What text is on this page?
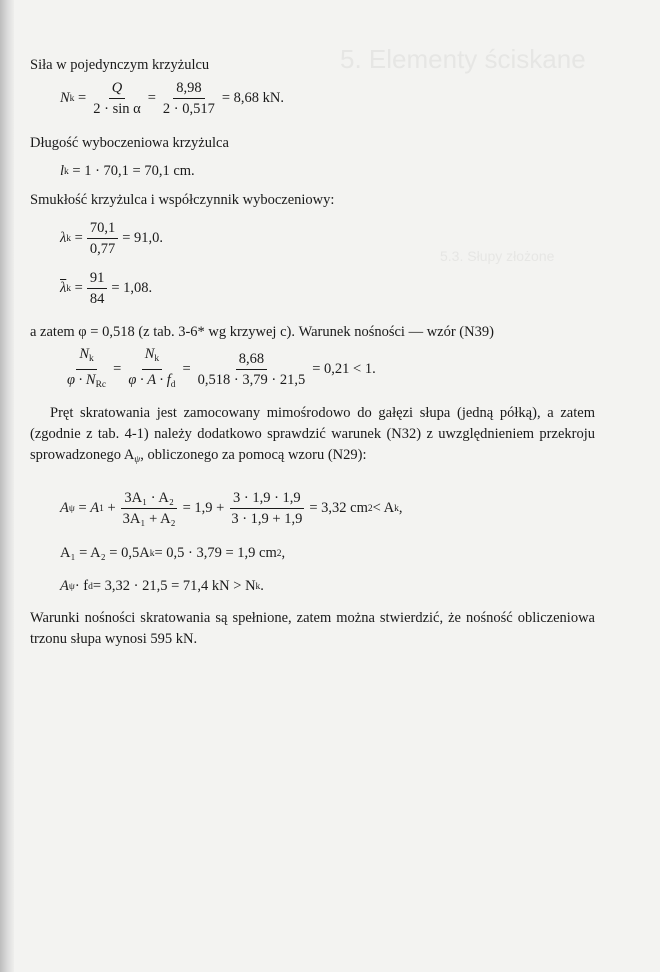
5. Elementy ściskane
5.3. Słupy złożone
Siła w pojedynczym krzyżulcu
N $k = \frac{Q}{\text{2 · sin α}} = \frac{8,98}{2 \cdot 0,517} = 8,68$ kN.
Długość wyboczeniowa krzyżulca
l k
= 1 · 70,1 = 70,1 cm.
Smukłość krzyżulca i współczynnik wyboczeniowy:
λ $k = \frac{70,1}{0,77} = 91,0$.
$\overline{\lambda}$ $k = \frac{91}{84} = 1,08$.
a zatem φ = 0,518 (z tab. 3-6* wg krzywej c). Warunek nośności — wzór (N39)
$\frac{N_k}{\varphi \cdot N_{Rc}} = \frac{N_k}{\varphi \cdot A \cdot f_d} = \frac{8,68}{0,518 \cdot 3,79 \cdot 21,5} = 0,21 < 1$.
Pręt skratowania jest zamocowany mimośrodowo do gałęzi słupa (jedną półką), a zatem (zgodnie z tab. 4-1) należy dodatkowo sprawdzić warunek (N32) z uwzględnieniem przekroju sprowadzonego $A_\psi$, obliczonego za pomocą wzoru (N29):
A ψ = A $1 + \frac{\text{3A₁ · A₂}}{\text{3A₁ + A₂}} = 1,9 + \frac{3 \cdot 1,9 \cdot 1,9}{3 \cdot 1,9 + 1,9} = 3,32$ cm 2 < A k ,
A₁ = A₂ = 0,5A k = 0,5 · 3,79 = 1,9 cm 2 ,
A ψ · f d = 3,32 · 21,5 = 71,4 kN > N k .
Warunki nośności skratowania są spełnione, zatem można stwierdzić, że nośność obliczeniowa trzonu słupa wynosi 595 kN.
